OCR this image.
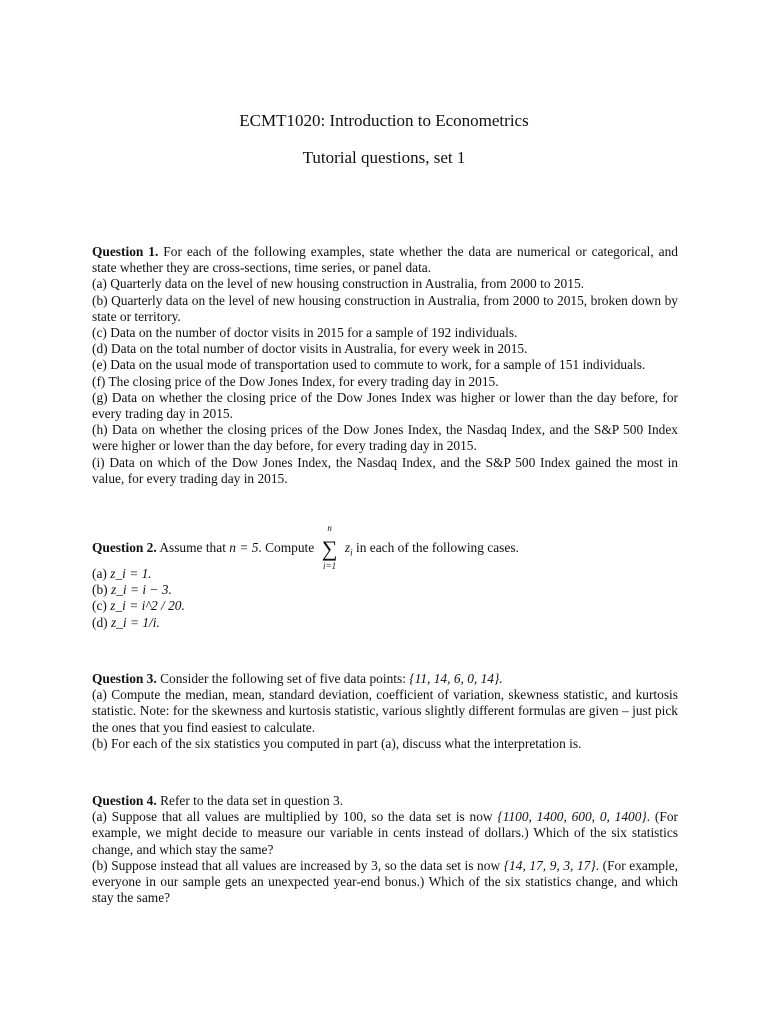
ECMT1020: Introduction to Econometrics
Tutorial questions, set 1

Question 1. For each of the following examples, state whether the data are numerical or categorical, and state whether they are cross-sections, time series, or panel data.

(a) Quarterly data on the level of new housing construction in Australia, from 2000 to 2015.

(b) Quarterly data on the level of new housing construction in Australia, from 2000 to 2015, broken down by state or territory.

(c) Data on the number of doctor visits in 2015 for a sample of 192 individuals.

(d) Data on the total number of doctor visits in Australia, for every week in 2015.

(e) Data on the usual mode of transportation used to commute to work, for a sample of 151 individuals.

(f) The closing price of the Dow Jones Index, for every trading day in 2015.

(g) Data on whether the closing price of the Dow Jones Index was higher or lower than the day before, for every trading day in 2015.

(h) Data on whether the closing prices of the Dow Jones Index, the Nasdaq Index, and the S&P 500 Index were higher or lower than the day before, for every trading day in 2015.

(i) Data on which of the Dow Jones Index, the Nasdaq Index, and the S&P 500 Index gained the most in value, for every trading day in 2015.

Question 2. Assume that n = 5. Compute
n
∑
i=1
$z_i$ in each of the following cases.

(a) z_i = 1.

(b) z_i = i − 3.

(c) z_i = i^2 / 20.

(d) z_i = 1/i.

Question 3. Consider the following set of five data points: {11, 14, 6, 0, 14}.

(a) Compute the median, mean, standard deviation, coefficient of variation, skewness statistic, and kurtosis statistic. Note: for the skewness and kurtosis statistic, various slightly different formulas are given – just pick the ones that you find easiest to calculate.

(b) For each of the six statistics you computed in part (a), discuss what the interpretation is.

Question 4. Refer to the data set in question 3.

(a) Suppose that all values are multiplied by 100, so the data set is now {1100, 1400, 600, 0, 1400}. (For example, we might decide to measure our variable in cents instead of dollars.) Which of the six statistics change, and which stay the same?

(b) Suppose instead that all values are increased by 3, so the data set is now {14, 17, 9, 3, 17}. (For example, everyone in our sample gets an unexpected year-end bonus.) Which of the six statistics change, and which stay the same?
